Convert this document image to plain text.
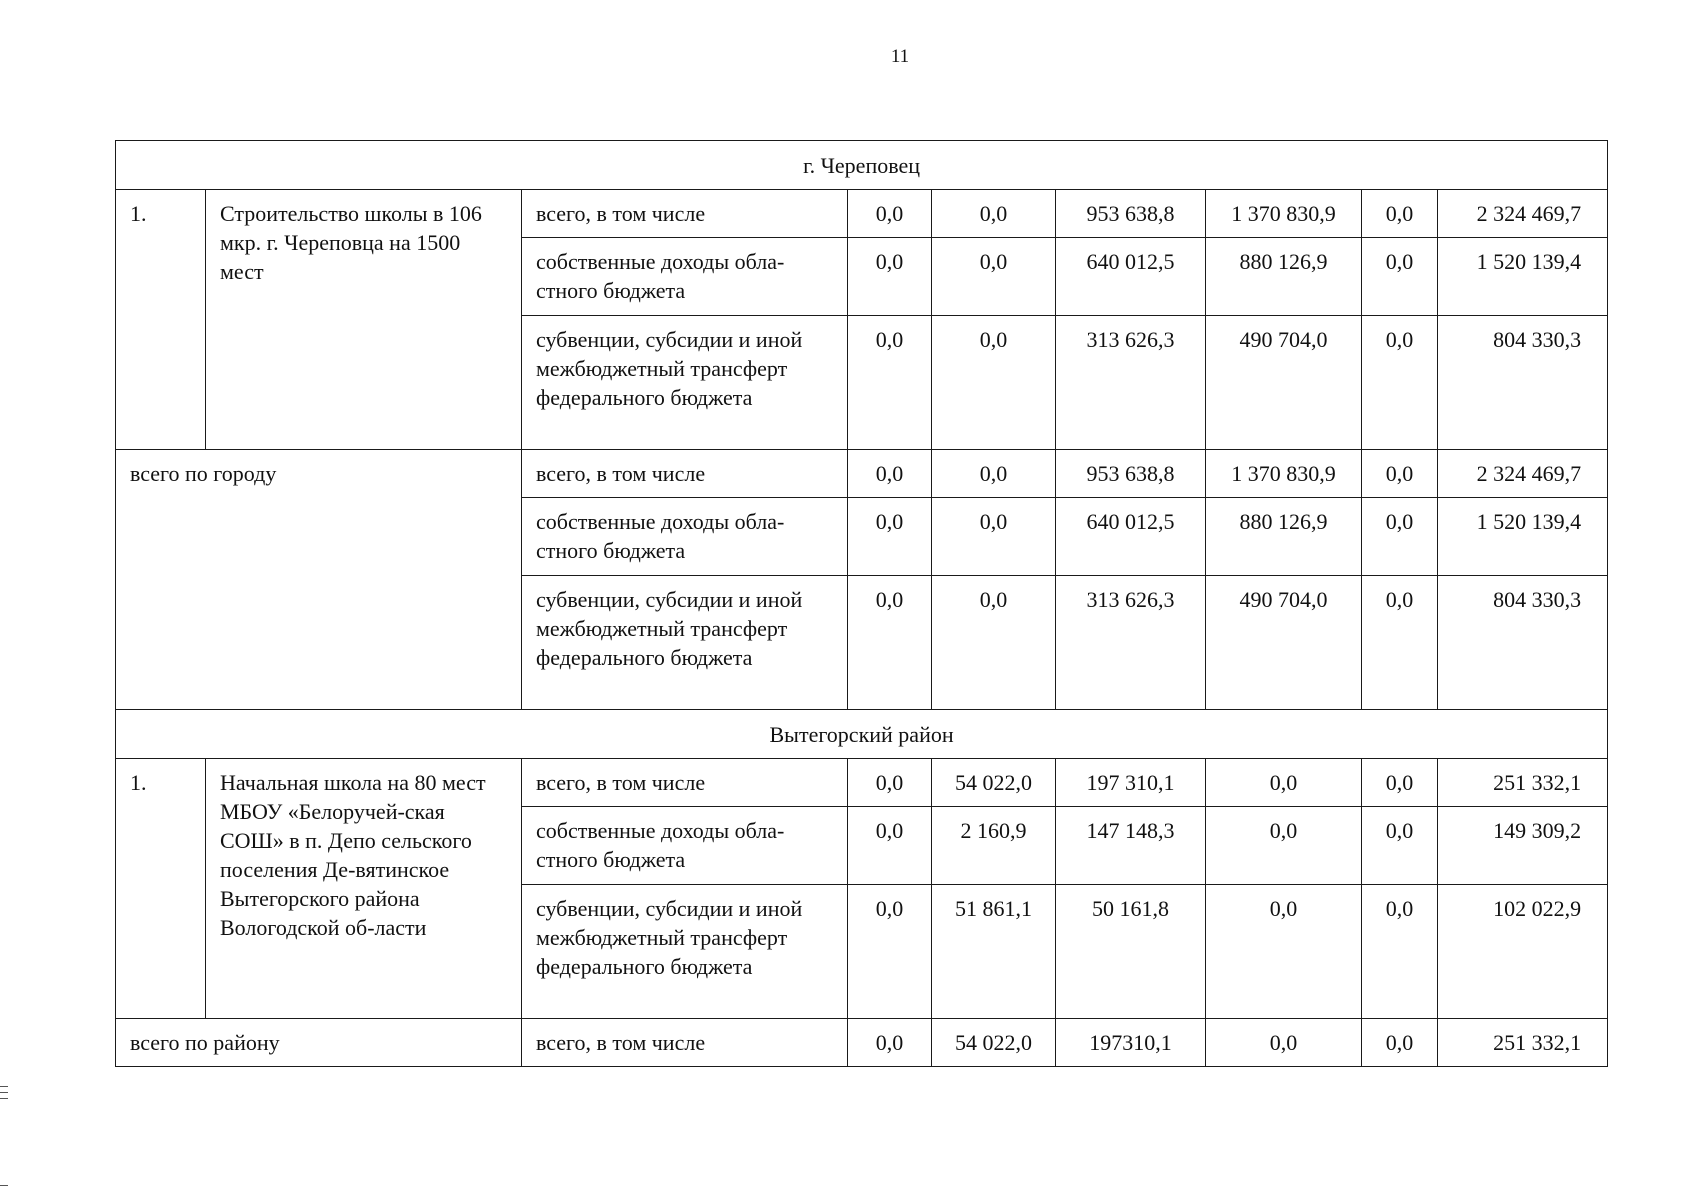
11
г. Череповец								
1.	Строительство школы в 106 мкр. г. Череповца на 1500 мест	всего, в том числе	0,0	0,0	953 638,8	1 370 830,9	0,0	2 324 469,7
		собственные доходы обла-стного бюджета	0,0	0,0	640 012,5	880 126,9	0,0	1 520 139,4
		субвенции, субсидии и иной межбюджетный трансферт федерального бюджета	0,0	0,0	313 626,3	490 704,0	0,0	804 330,3
всего по городу		всего, в том числе	0,0	0,0	953 638,8	1 370 830,9	0,0	2 324 469,7
		собственные доходы обла-стного бюджета	0,0	0,0	640 012,5	880 126,9	0,0	1 520 139,4
		субвенции, субсидии и иной межбюджетный трансферт федерального бюджета	0,0	0,0	313 626,3	490 704,0	0,0	804 330,3
Вытегорский район								
1.	Начальная школа на 80 мест МБОУ «Белоручей-ская СОШ» в п. Депо сельского поселения Де-вятинское Вытегорского района Вологодской об-ласти	всего, в том числе	0,0	54 022,0	197 310,1	0,0	0,0	251 332,1
		собственные доходы обла-стного бюджета	0,0	2 160,9	147 148,3	0,0	0,0	149 309,2
		субвенции, субсидии и иной межбюджетный трансферт федерального бюджета	0,0	51 861,1	50 161,8	0,0	0,0	102 022,9
всего по району		всего, в том числе	0,0	54 022,0	197310,1	0,0	0,0	251 332,1
